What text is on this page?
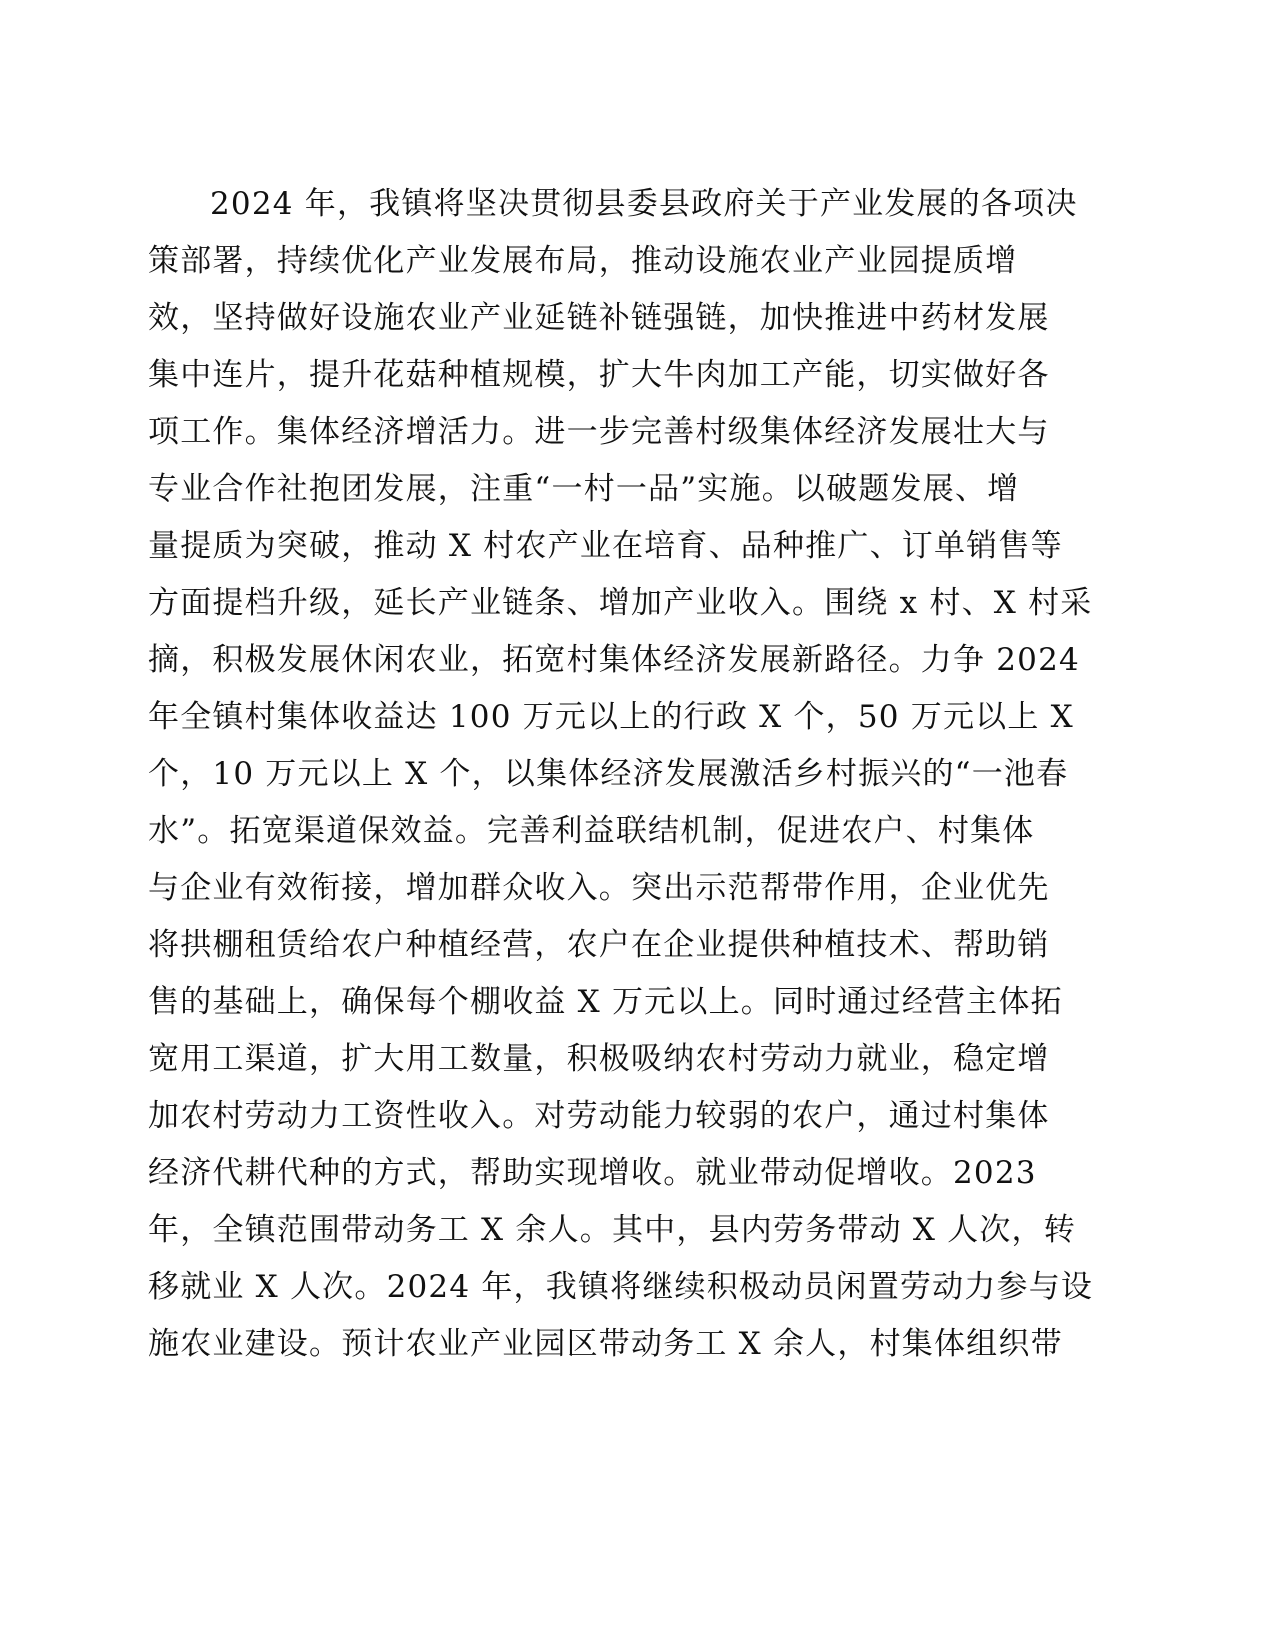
2024 年，我镇将坚决贯彻县委县政府关于产业发展的各项决
策部署，持续优化产业发展布局，推动设施农业产业园提质增
效，坚持做好设施农业产业延链补链强链，加快推进中药材发展
集中连片，提升花菇种植规模，扩大牛肉加工产能，切实做好各
项工作。集体经济增活力。进一步完善村级集体经济发展壮大与
专业合作社抱团发展，注重“一村一品”实施。以破题发展、增
量提质为突破，推动 X 村农产业在培育、品种推广、订单销售等
方面提档升级，延长产业链条、增加产业收入。围绕 x 村、X 村采
摘，积极发展休闲农业，拓宽村集体经济发展新路径。力争 2024
年全镇村集体收益达 100 万元以上的行政 X 个，50 万元以上 X
个，10 万元以上 X 个，以集体经济发展激活乡村振兴的“一池春
水”。拓宽渠道保效益。完善利益联结机制，促进农户、村集体
与企业有效衔接，增加群众收入。突出示范帮带作用，企业优先
将拱棚租赁给农户种植经营，农户在企业提供种植技术、帮助销
售的基础上，确保每个棚收益 X 万元以上。同时通过经营主体拓
宽用工渠道，扩大用工数量，积极吸纳农村劳动力就业，稳定增
加农村劳动力工资性收入。对劳动能力较弱的农户，通过村集体
经济代耕代种的方式，帮助实现增收。就业带动促增收。2023
年，全镇范围带动务工 X 余人。其中，县内劳务带动 X 人次，转
移就业 X 人次。2024 年，我镇将继续积极动员闲置劳动力参与设
施农业建设。预计农业产业园区带动务工 X 余人，村集体组织带
